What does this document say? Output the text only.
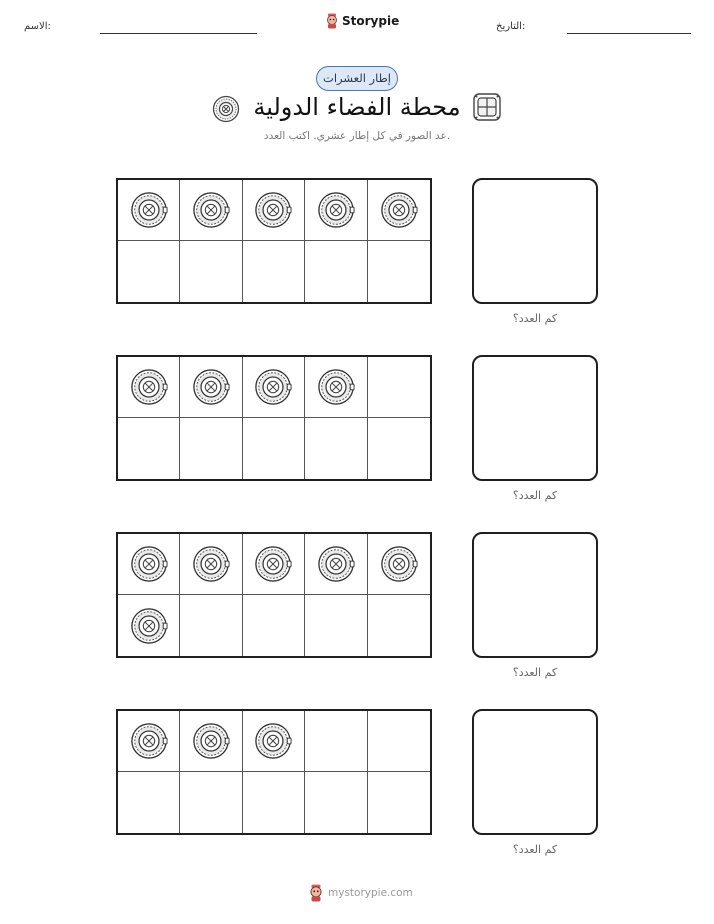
الاسم:	Storypie	التاريخ:
إطار العشرات
محطة الفضاء الدولية
عد الصور في كل إطار عشري. اكتب العدد.
كم العدد؟
كم العدد؟
كم العدد؟
كم العدد؟
mystorypie.com
